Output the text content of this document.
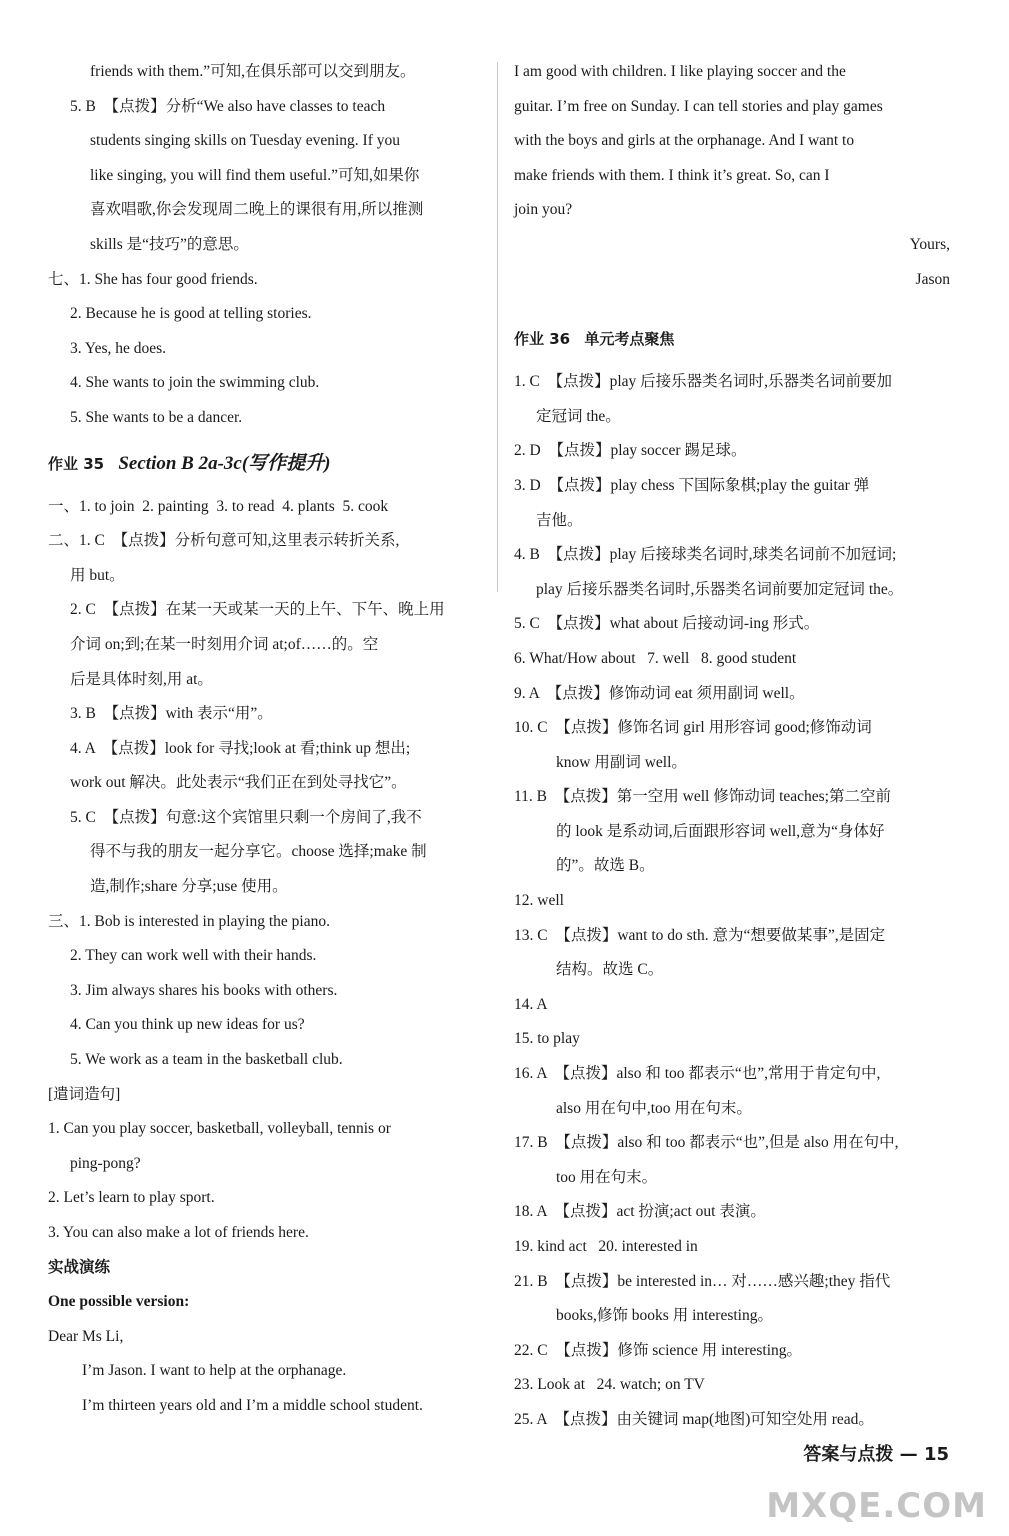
friends with them.”可知,在俱乐部可以交到朋友。
5. B  【点拨】分析“We also have classes to teach
students singing skills on Tuesday evening. If you
like singing, you will find them useful.”可知,如果你
喜欢唱歌,你会发现周二晚上的课很有用,所以推测
skills 是“技巧”的意思。
七、1. She has four good friends.
2. Because he is good at telling stories.
3. Yes, he does.
4. She wants to join the swimming club.
5. She wants to be a dancer.
作业 35 Section B 2a-3c(写作提升)
一、1. to join  2. painting  3. to read  4. plants  5. cook
二、1. C  【点拨】分析句意可知,这里表示转折关系,
用 but。
2. C  【点拨】在某一天或某一天的上午、下午、晚上用
介词 on;到;在某一时刻用介词 at;of……的。空
后是具体时刻,用 at。
3. B  【点拨】with 表示“用”。
4. A  【点拨】look for 寻找;look at 看;think up 想出;
work out 解决。此处表示“我们正在到处寻找它”。
5. C  【点拨】句意:这个宾馆里只剩一个房间了,我不
得不与我的朋友一起分享它。choose 选择;make 制
造,制作;share 分享;use 使用。
三、1. Bob is interested in playing the piano.
2. They can work well with their hands.
3. Jim always shares his books with others.
4. Can you think up new ideas for us?
5. We work as a team in the basketball club.
[遣词造句]
1. Can you play soccer, basketball, volleyball, tennis or
ping-pong?
2. Let’s learn to play sport.
3. You can also make a lot of friends here.
实战演练
One possible version:
Dear Ms Li,
I’m Jason. I want to help at the orphanage.
I’m thirteen years old and I’m a middle school student.
I am good with children. I like playing soccer and the
guitar. I’m free on Sunday. I can tell stories and play games
with the boys and girls at the orphanage. And I want to
make friends with them. I think it’s great. So, can I
join you?
Yours,
Jason
作业 36 单元考点聚焦
1. C  【点拨】play 后接乐器类名词时,乐器类名词前要加
定冠词 the。
2. D  【点拨】play soccer 踢足球。
3. D  【点拨】play chess 下国际象棋;play the guitar 弹
吉他。
4. B  【点拨】play 后接球类名词时,球类名词前不加冠词;
play 后接乐器类名词时,乐器类名词前要加定冠词 the。
5. C  【点拨】what about 后接动词-ing 形式。
6. What/How about   7. well   8. good student
9. A  【点拨】修饰动词 eat 须用副词 well。
10. C  【点拨】修饰名词 girl 用形容词 good;修饰动词
know 用副词 well。
11. B  【点拨】第一空用 well 修饰动词 teaches;第二空前
的 look 是系动词,后面跟形容词 well,意为“身体好
的”。故选 B。
12. well
13. C  【点拨】want to do sth. 意为“想要做某事”,是固定
结构。故选 C。
14. A
15. to play
16. A  【点拨】also 和 too 都表示“也”,常用于肯定句中,
also 用在句中,too 用在句末。
17. B  【点拨】also 和 too 都表示“也”,但是 also 用在句中,
too 用在句末。
18. A  【点拨】act 扮演;act out 表演。
19. kind act   20. interested in
21. B  【点拨】be interested in… 对……感兴趣;they 指代
books,修饰 books 用 interesting。
22. C  【点拨】修饰 science 用 interesting。
23. Look at   24. watch; on TV
25. A  【点拨】由关键词 map(地图)可知空处用 read。
答案与点拨 — 15
MXQE.COM
